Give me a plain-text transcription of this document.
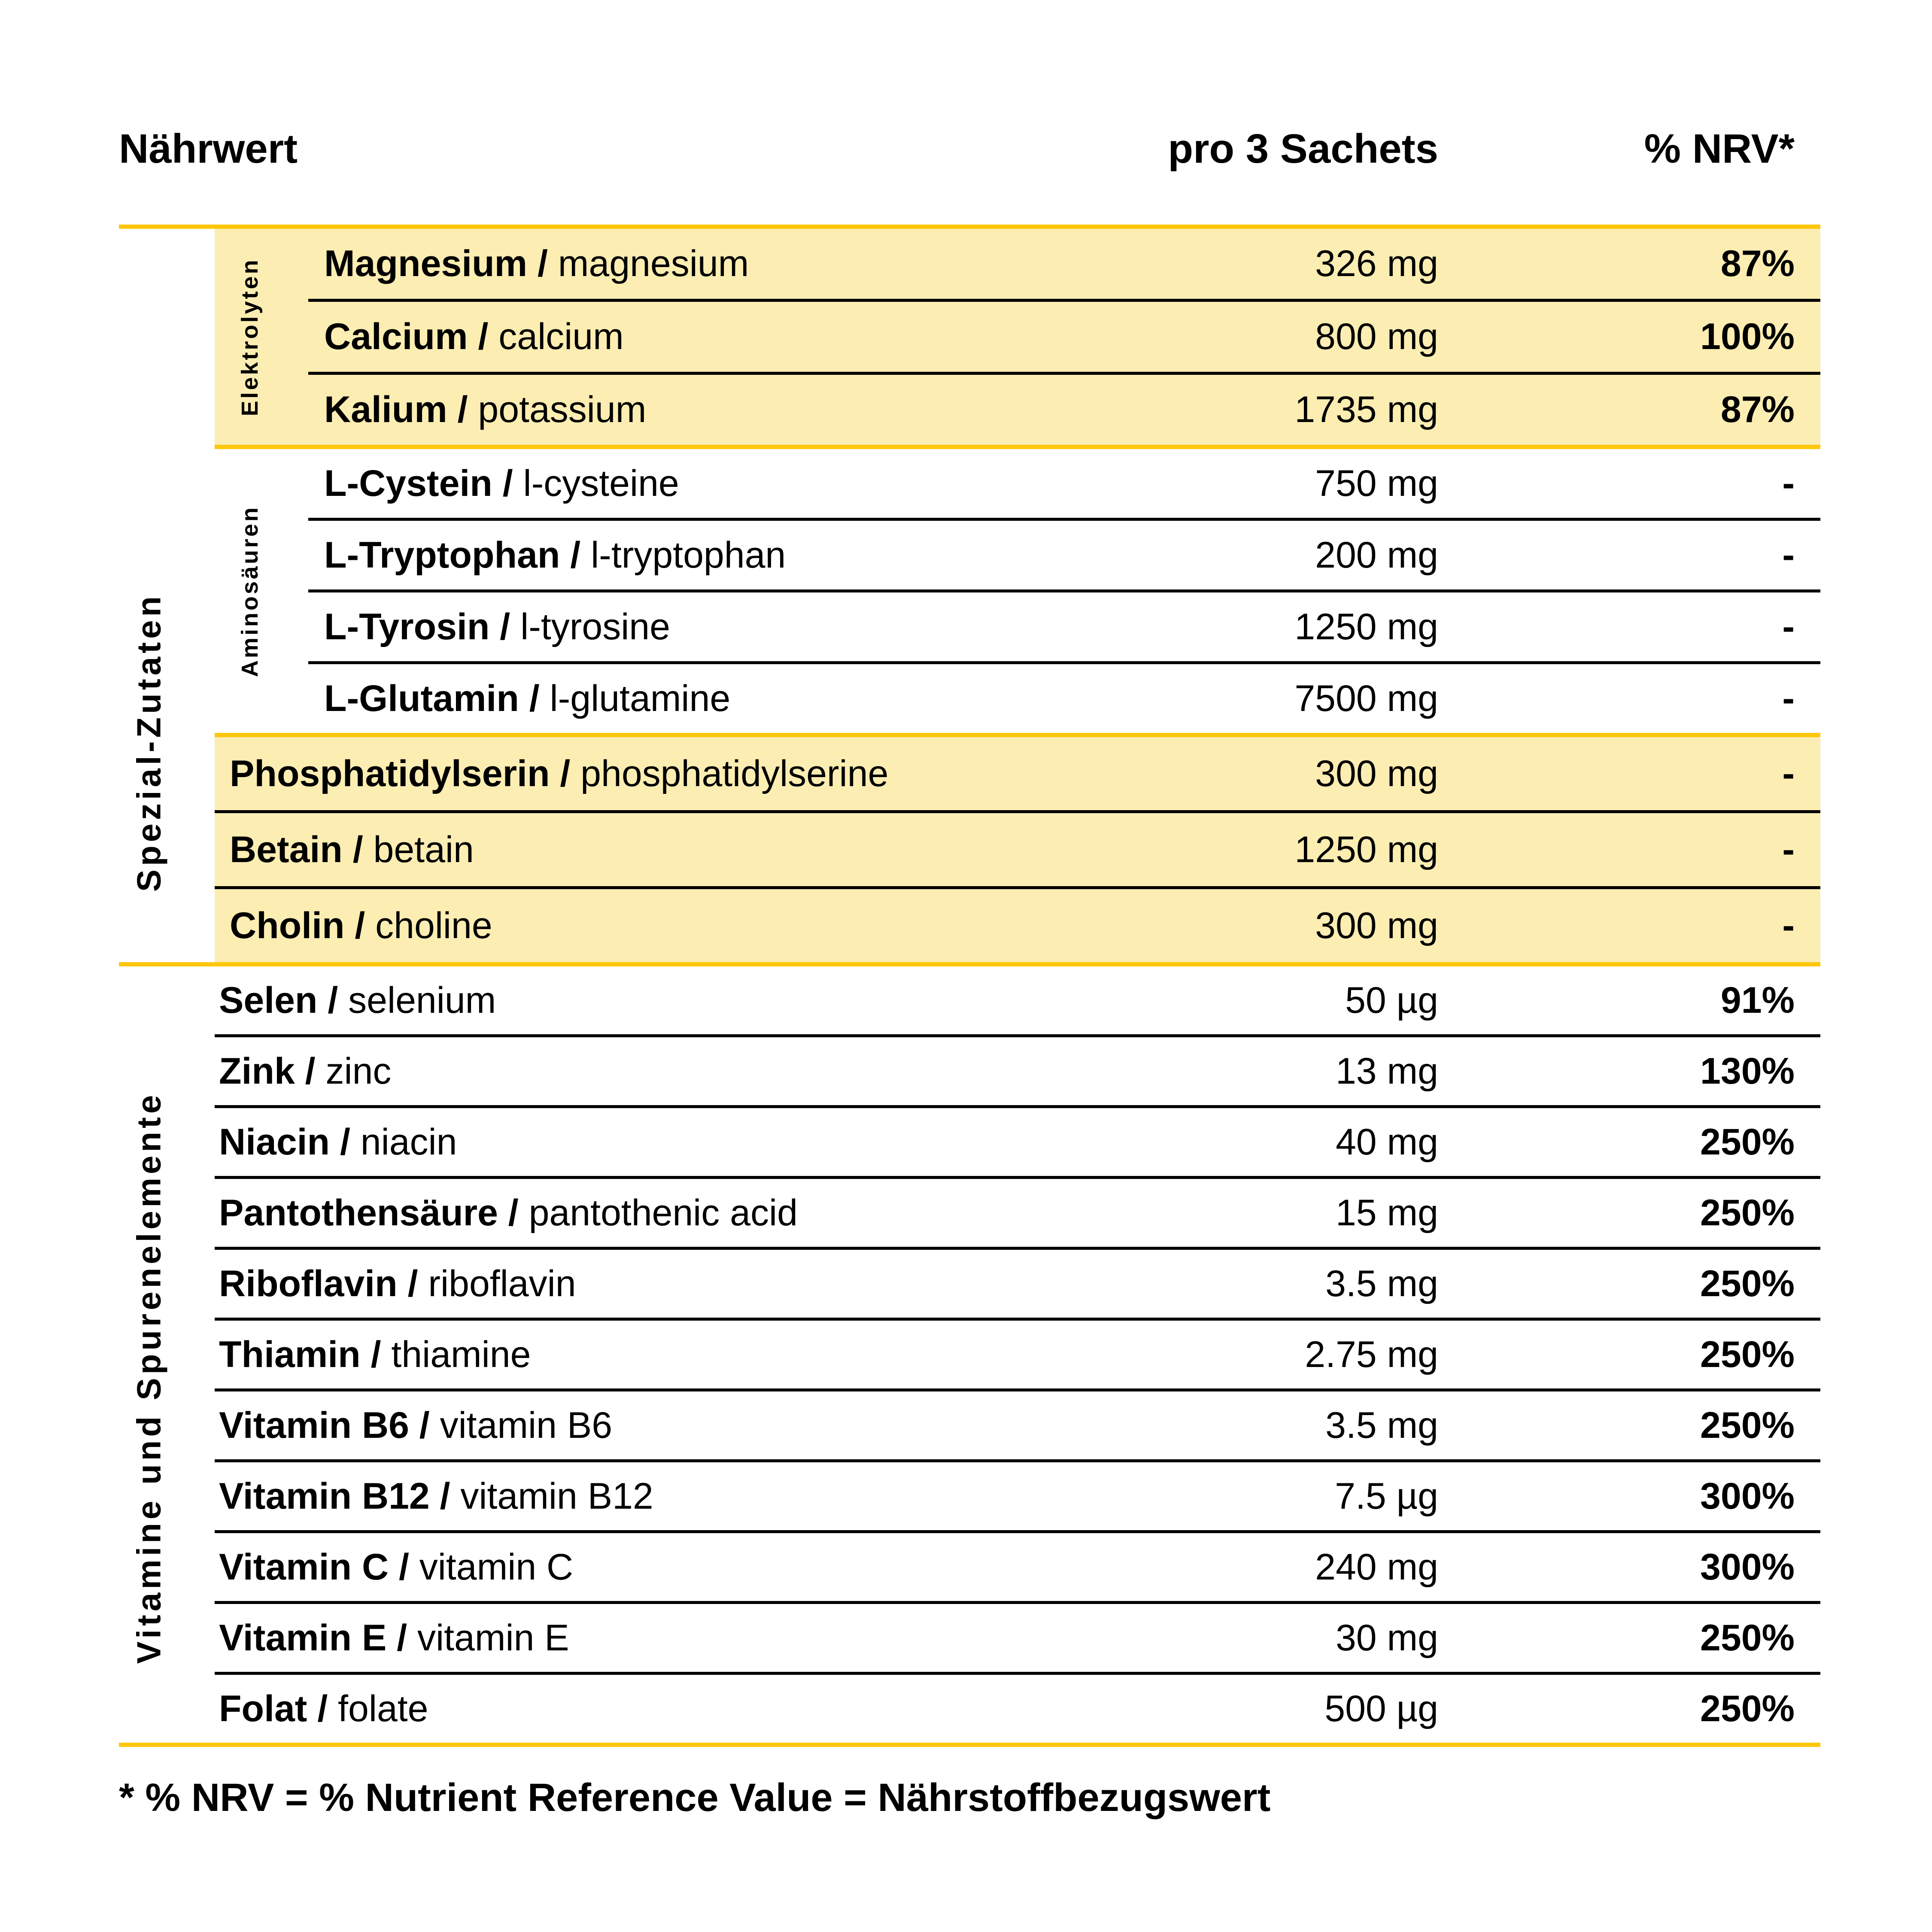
Nährwert	pro 3 Sachets	% NRV*
Spezial-Zutaten
Elektrolyten	Magnesium / magnesium	326 mg	87%
Calcium / calcium	800 mg	100%
Kalium / potassium	1735 mg	87%
Aminosäuren
L-Cystein / l-cysteine	750 mg	-
L-Tryptophan / l-tryptophan	200 mg	-
L-Tyrosin / l-tyrosine	1250 mg	-
L-Glutamin / l-glutamine	7500 mg	-
Phosphatidylserin / phosphatidylserine	300 mg	-
Betain / betain	1250 mg	-
Cholin / choline	300 mg	-
Vitamine und Spurenelemente
Selen / selenium	50 µg	91%
Zink / zinc	13 mg	130%
Niacin / niacin	40 mg	250%
Pantothensäure / pantothenic acid	15 mg	250%
Riboflavin / riboflavin	3.5 mg	250%
Thiamin / thiamine	2.75 mg	250%
Vitamin B6 / vitamin B6	3.5 mg	250%
Vitamin B12 / vitamin B12	7.5 µg	300%
Vitamin C / vitamin C	240 mg	300%
Vitamin E / vitamin E	30 mg	250%
Folat / folate	500 µg	250%
* % NRV = % Nutrient Reference Value = Nährstoffbezugswert
